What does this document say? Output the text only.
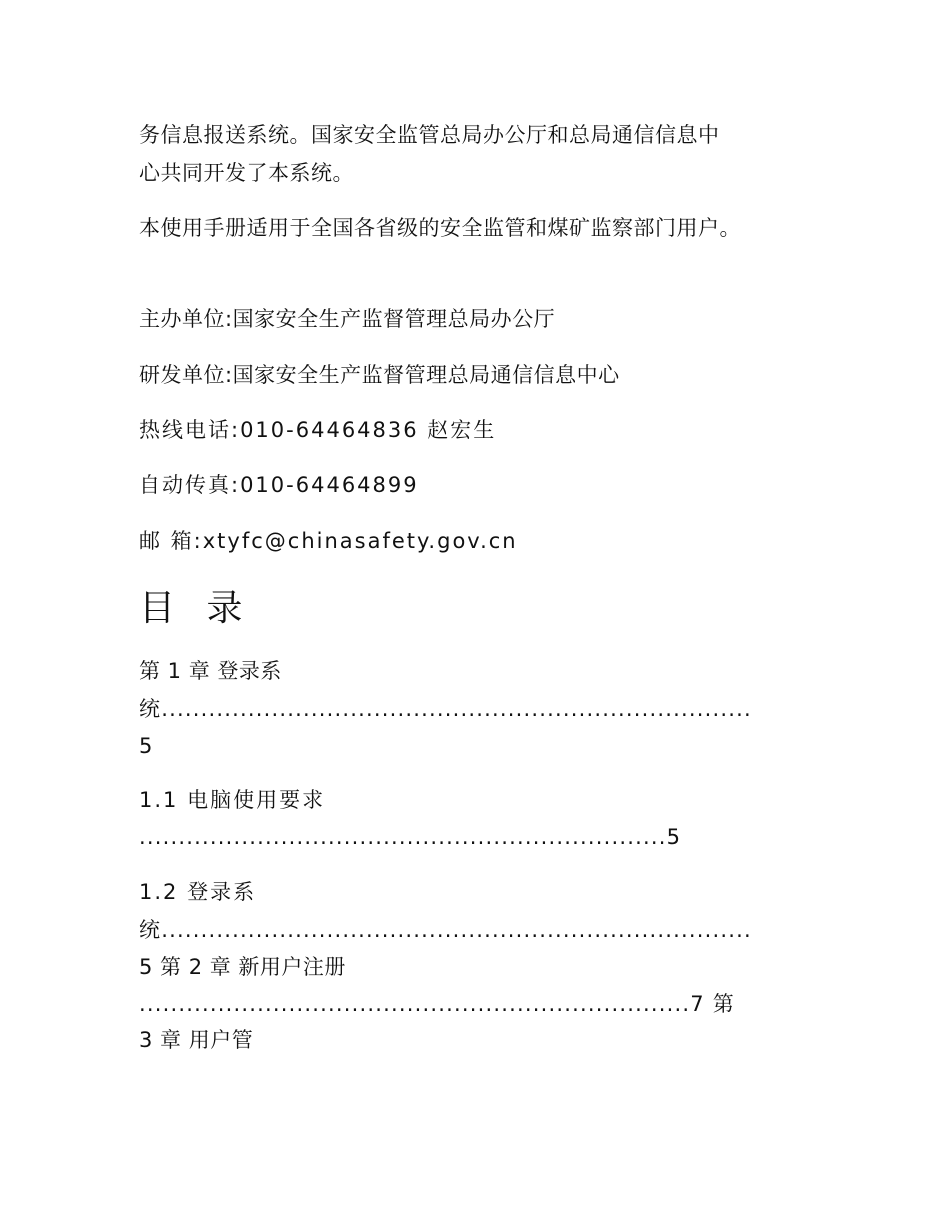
务信息报送系统。国家安全监管总局办公厅和总局通信信息中
心共同开发了本系统。
本使用手册适用于全国各省级的安全监管和煤矿监察部门用户。
主办单位:国家安全生产监督管理总局办公厅
研发单位:国家安全生产监督管理总局通信信息中心
热线电话:010-64464836 赵宏生
自动传真:010-64464899
邮 箱:xtyfc@chinasafety.gov.cn
目 录
第 1 章 登录系
统...........................................................................
5
1.1 电脑使用要求
...................................................................5
1.2 登录系
统...........................................................................
5 第 2 章 新用户注册
......................................................................7 第
3 章 用户管
